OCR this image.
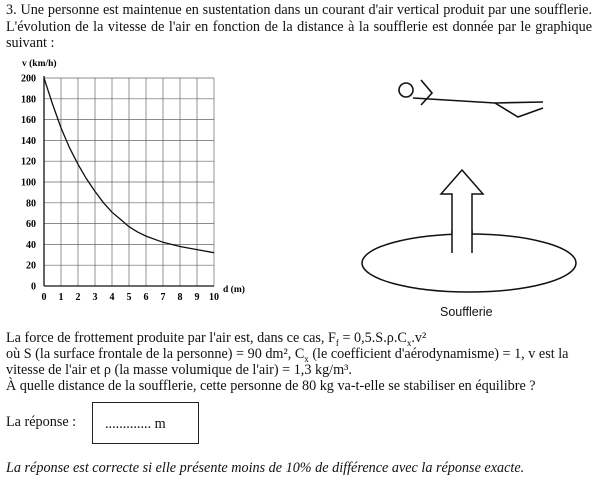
3. Une personne est maintenue en sustentation dans un courant d'air vertical produit par une soufflerie. L'évolution de la vitesse de l'air en fonction de la distance à la soufflerie est donnée par le graphique suivant :
0 1 2 3 4 5 6 7 8 9 10
0
20
40
60
80
100
120
140
160
180
200
v (km/h)
d (m)
Soufflerie
La force de frottement produite par l'air est, dans ce cas, $F_f = 0,5.S.\rho.C_x.v^2$
où S (la surface frontale de la personne) = 90 dm², $C_x$ (le coefficient d'aérodynamisme) = 1, v est la
vitesse de l'air et ρ (la masse volumique de l'air) = 1,3 kg/m³.
À quelle distance de la soufflerie, cette personne de 80 kg va-t-elle se stabiliser en équilibre ?
La réponse : ............. m
La réponse est correcte si elle présente moins de 10% de différence avec la réponse exacte.
